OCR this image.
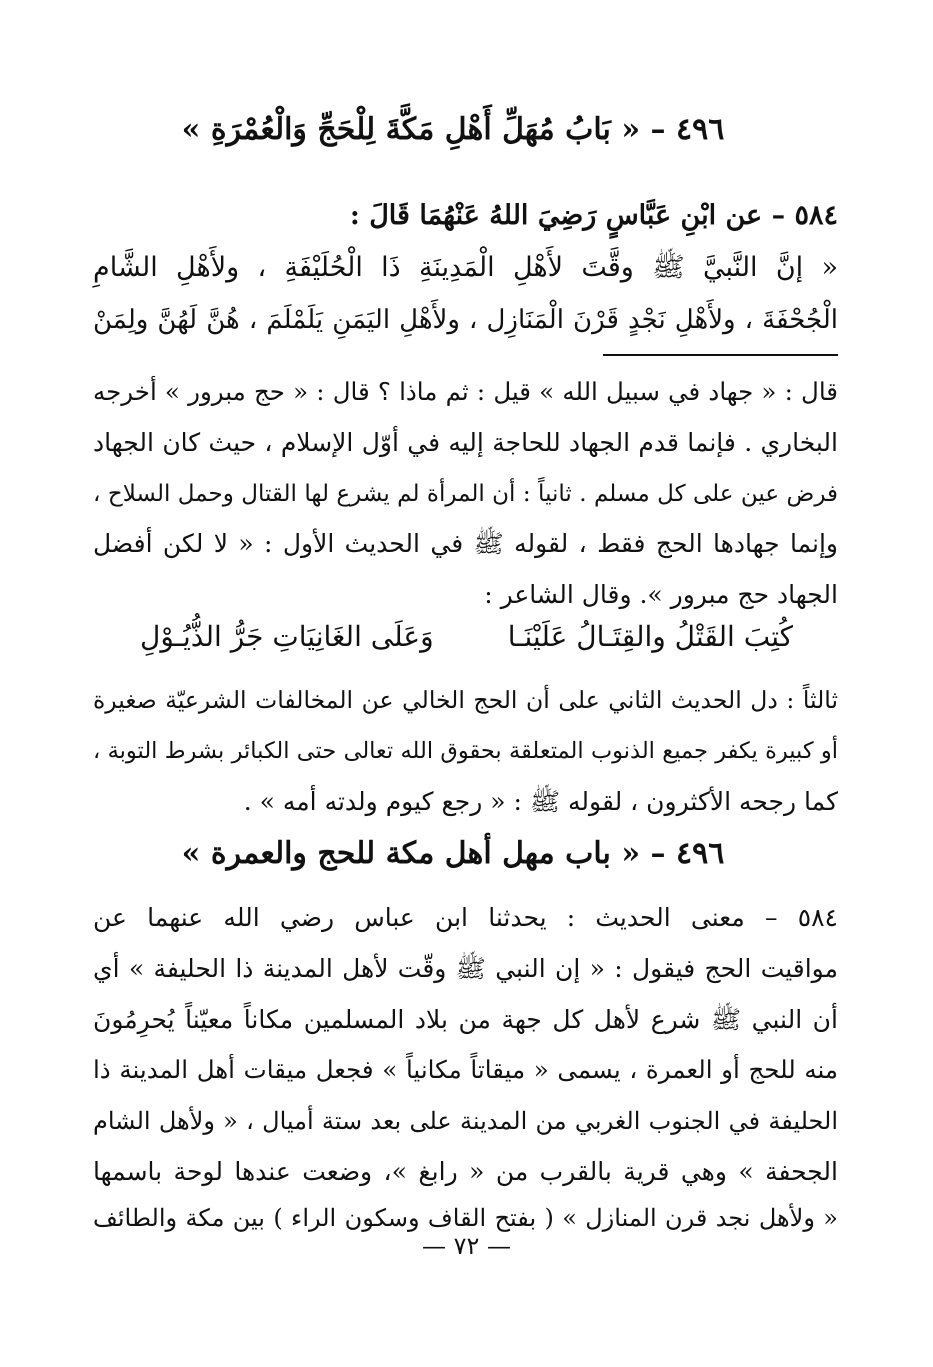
٤٩٦ – « بَابُ مُهَلِّ أَهْلِ مَكَّةَ لِلْحَجِّ وَالْعُمْرَةِ »
٥٨٤ – عن ابْنِ عَبَّاسٍ رَضِيَ اللهُ عَنْهُمَا قَالَ :
« إنَّ النَّبيَّ ﷺ وقَّتَ لأَهْلِ الْمَدِينَةِ ذَا الْحُلَيْفَةِ ، ولأَهْلِ الشَّامِ
الْجُحْفَةَ ، ولأَهْلِ نَجْدٍ قَرْنَ الْمَنَازِل ، ولأَهْلِ اليَمَنِ يَلَمْلَمَ ، هُنَّ لَهُنَّ ولِمَنْ
قال : « جهاد في سبيل الله » قيل : ثم ماذا ؟ قال : « حج مبرور » أخرجه
البخاري . فإنما قدم الجهاد للحاجة إليه في أوّل الإسلام ، حيث كان الجهاد
فرض عين على كل مسلم . ثانياً : أن المرأة لم يشرع لها القتال وحمل السلاح ،
وإنما جهادها الحج فقط ، لقوله ﷺ في الحديث الأول : « لا لكن أفضل
الجهاد حج مبرور ». وقال الشاعر :
كُتِبَ القَتْلُ والقِتَـالُ عَلَيْنَـا
وَعَلَى الغَانِيَاتِ جَرُّ الذُّيُـوْلِ
ثالثاً : دل الحديث الثاني على أن الحج الخالي عن المخالفات الشرعيّة صغيرة
أو كبيرة يكفر جميع الذنوب المتعلقة بحقوق الله تعالى حتى الكبائر بشرط التوبة ،
كما رجحه الأكثرون ، لقوله ﷺ : « رجع كيوم ولدته أمه » .
٤٩٦ – « باب مهل أهل مكة للحج والعمرة »
٥٨٤ – معنى الحديث : يحدثنا ابن عباس رضي الله عنهما عن
مواقيت الحج فيقول : « إن النبي ﷺ وقّت لأهل المدينة ذا الحليفة » أي
أن النبي ﷺ شرع لأهل كل جهة من بلاد المسلمين مكاناً معيّناً يُحرِمُونَ
منه للحج أو العمرة ، يسمى « ميقاتاً مكانياً » فجعل ميقات أهل المدينة ذا
الحليفة في الجنوب الغربي من المدينة على بعد ستة أميال ، « ولأهل الشام
الجحفة » وهي قرية بالقرب من « رابغ »، وضعت عندها لوحة باسمها
« ولأهل نجد قرن المنازل » ( بفتح القاف وسكون الراء ) بين مكة والطائف
— ٧٢ —
